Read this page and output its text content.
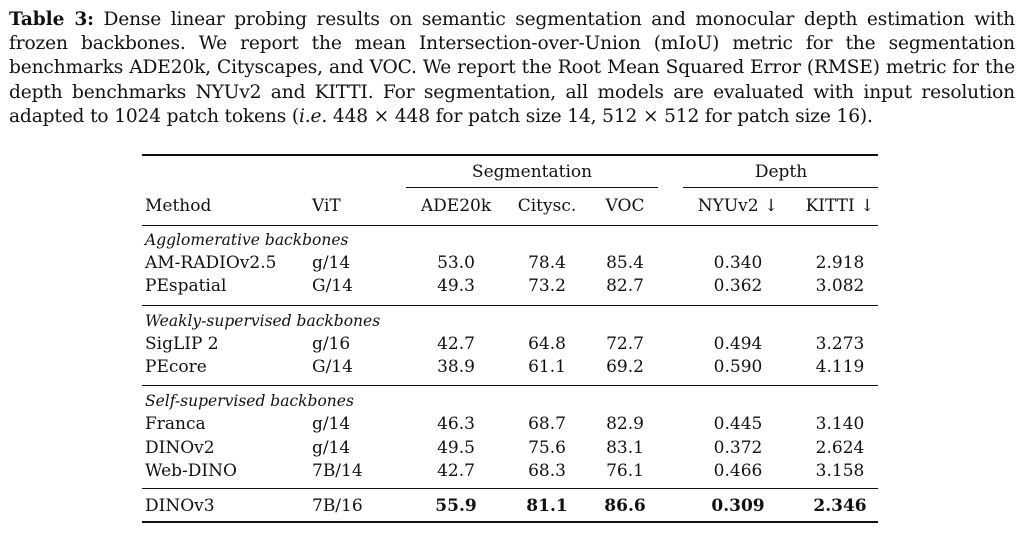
Table 3: Dense linear probing results on semantic segmentation and monocular depth estimation with frozen backbones. We report the mean Intersection-over-Union (mIoU) metric for the segmentation benchmarks ADE20k, Cityscapes, and VOC. We report the Root Mean Squared Error (RMSE) metric for the depth benchmarks NYUv2 and KITTI. For segmentation, all models are evaluated with input resolution adapted to 1024 patch tokens (i.e. 448 × 448 for patch size 14, 512 × 512 for patch size 16).
Segmentation	Depth
Method	ViT	ADE20k Citysc. VOC	NYUv2 ↓ KITTI ↓
Agglomerative backbones
AM-RADIOv2.5 g/14	53.0	78.4 85.4	0.340	2.918
PEspatial	G/14	49.3	73.2 82.7	0.362	3.082
Weakly-supervised backbones
SigLIP 2	g/16	42.7	64.8 72.7	0.494	3.273
PEcore	G/14	38.9	61.1 69.2	0.590	4.119
Self-supervised backbones
Franca	g/14	46.3	68.7 82.9	0.445	3.140
DINOv2	g/14	49.5	75.6 83.1	0.372	2.624
Web-DINO	7B/14	42.7	68.3 76.1	0.466	3.158
DINOv3	7B/16	55.9	81.1 86.6	0.309	2.346
